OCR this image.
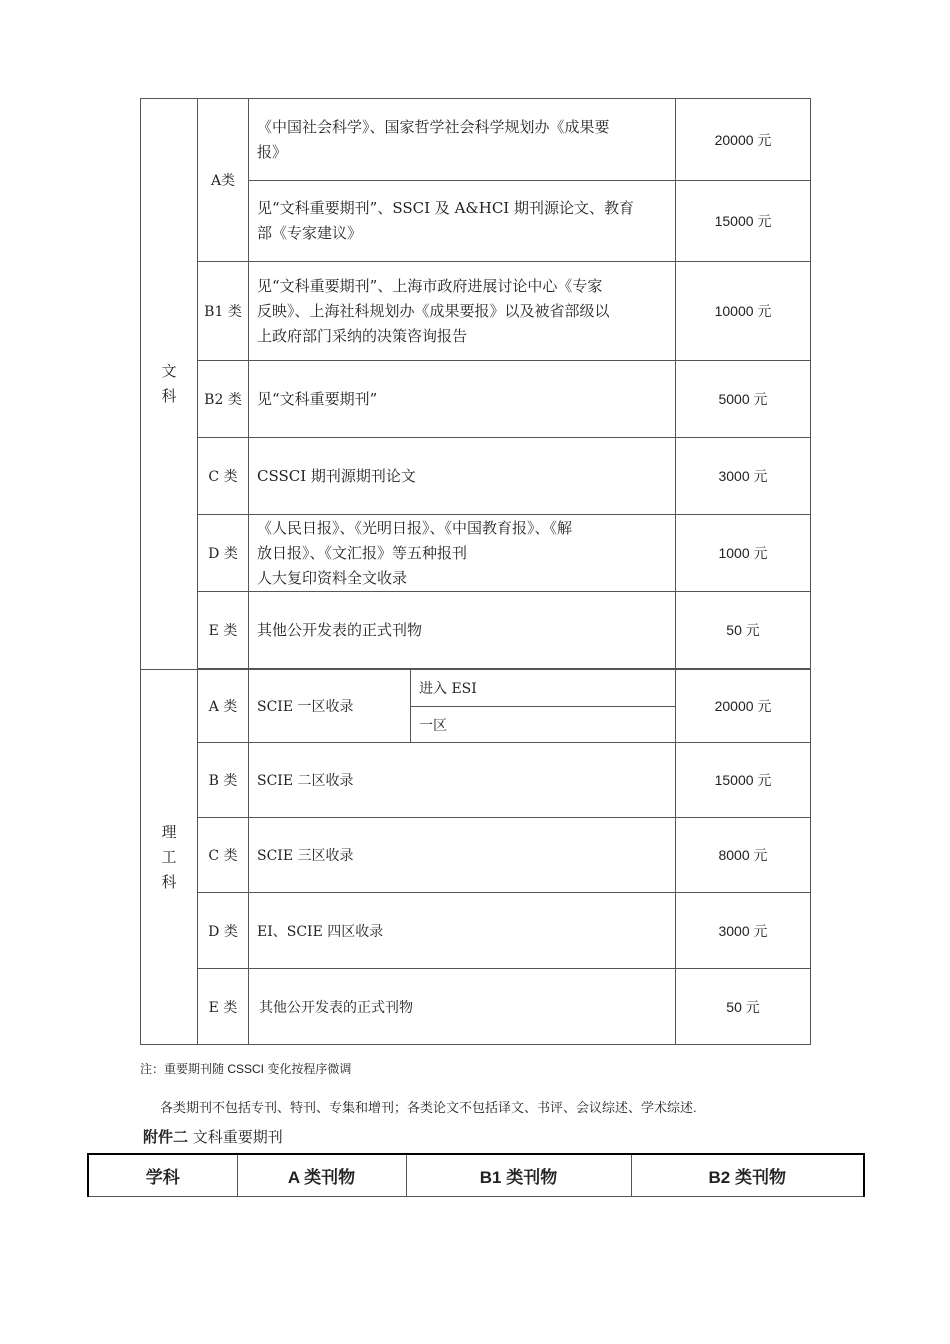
文
科	A类	《中国社会科学》、国家哲学社会科学规划办《成果要
报》		20000 元

		见“文科重要期刊”、SSCI 及 A&HCI 期刊源论文、教育
部《专家建议》		15000 元
	B1 类	见“文科重要期刊”、上海市政府进展讨论中心《专家
反映》、上海社科规划办《成果要报》以及被省部级以
上政府部门采纳的决策咨询报告		10000 元
	B2 类	见“文科重要期刊”		5000 元
	C 类	CSSCI 期刊源期刊论文		3000 元
	D 类	《人民日报》、《光明日报》、《中国教育报》、《解
放日报》、《文汇报》等五种报刊
人大复印资料全文收录		1000 元
	E 类	其他公开发表的正式刊物		50 元

理
工
科	A 类	SCIE 一区收录	进入 ESI	20000 元
			一区	
	B 类	SCIE 二区收录		15000 元
	C 类	SCIE 三区收录		8000 元
	D 类	EI、SCIE 四区收录		3000 元
	E 类	其他公开发表的正式刊物		50 元
注：重要期刊随 CSSCI 变化按程序微调
各类期刊不包括专刊、特刊、专集和增刊；各类论文不包括译文、书评、会议综述、学术综述.
附件二 文科重要期刊
学科	A 类刊物	B1 类刊物	B2 类刊物
